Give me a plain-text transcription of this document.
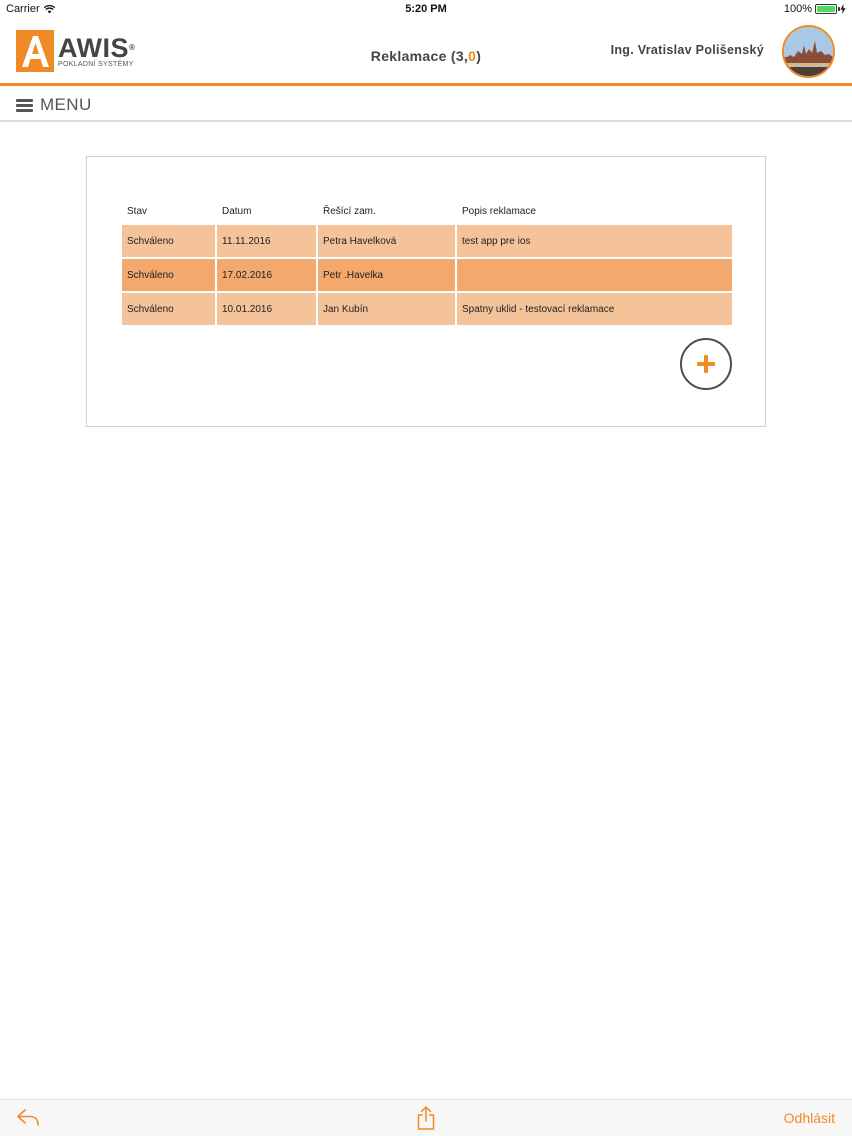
Carrier	5:20 PM	100%
AWIS®
POKLADNÍ SYSTÉMY
Reklamace (3,0)	Ing. Vratislav Polišenský
MENU
Stav	Datum	Řešící zam.	Popis reklamace
Schváleno	11.11.2016	Petra Havelková	test app pre ios
Schváleno	17.02.2016	Petr .Havelka
Schváleno	10.01.2016	Jan Kubín	Spatny uklid - testovací reklamace
Odhlásit
